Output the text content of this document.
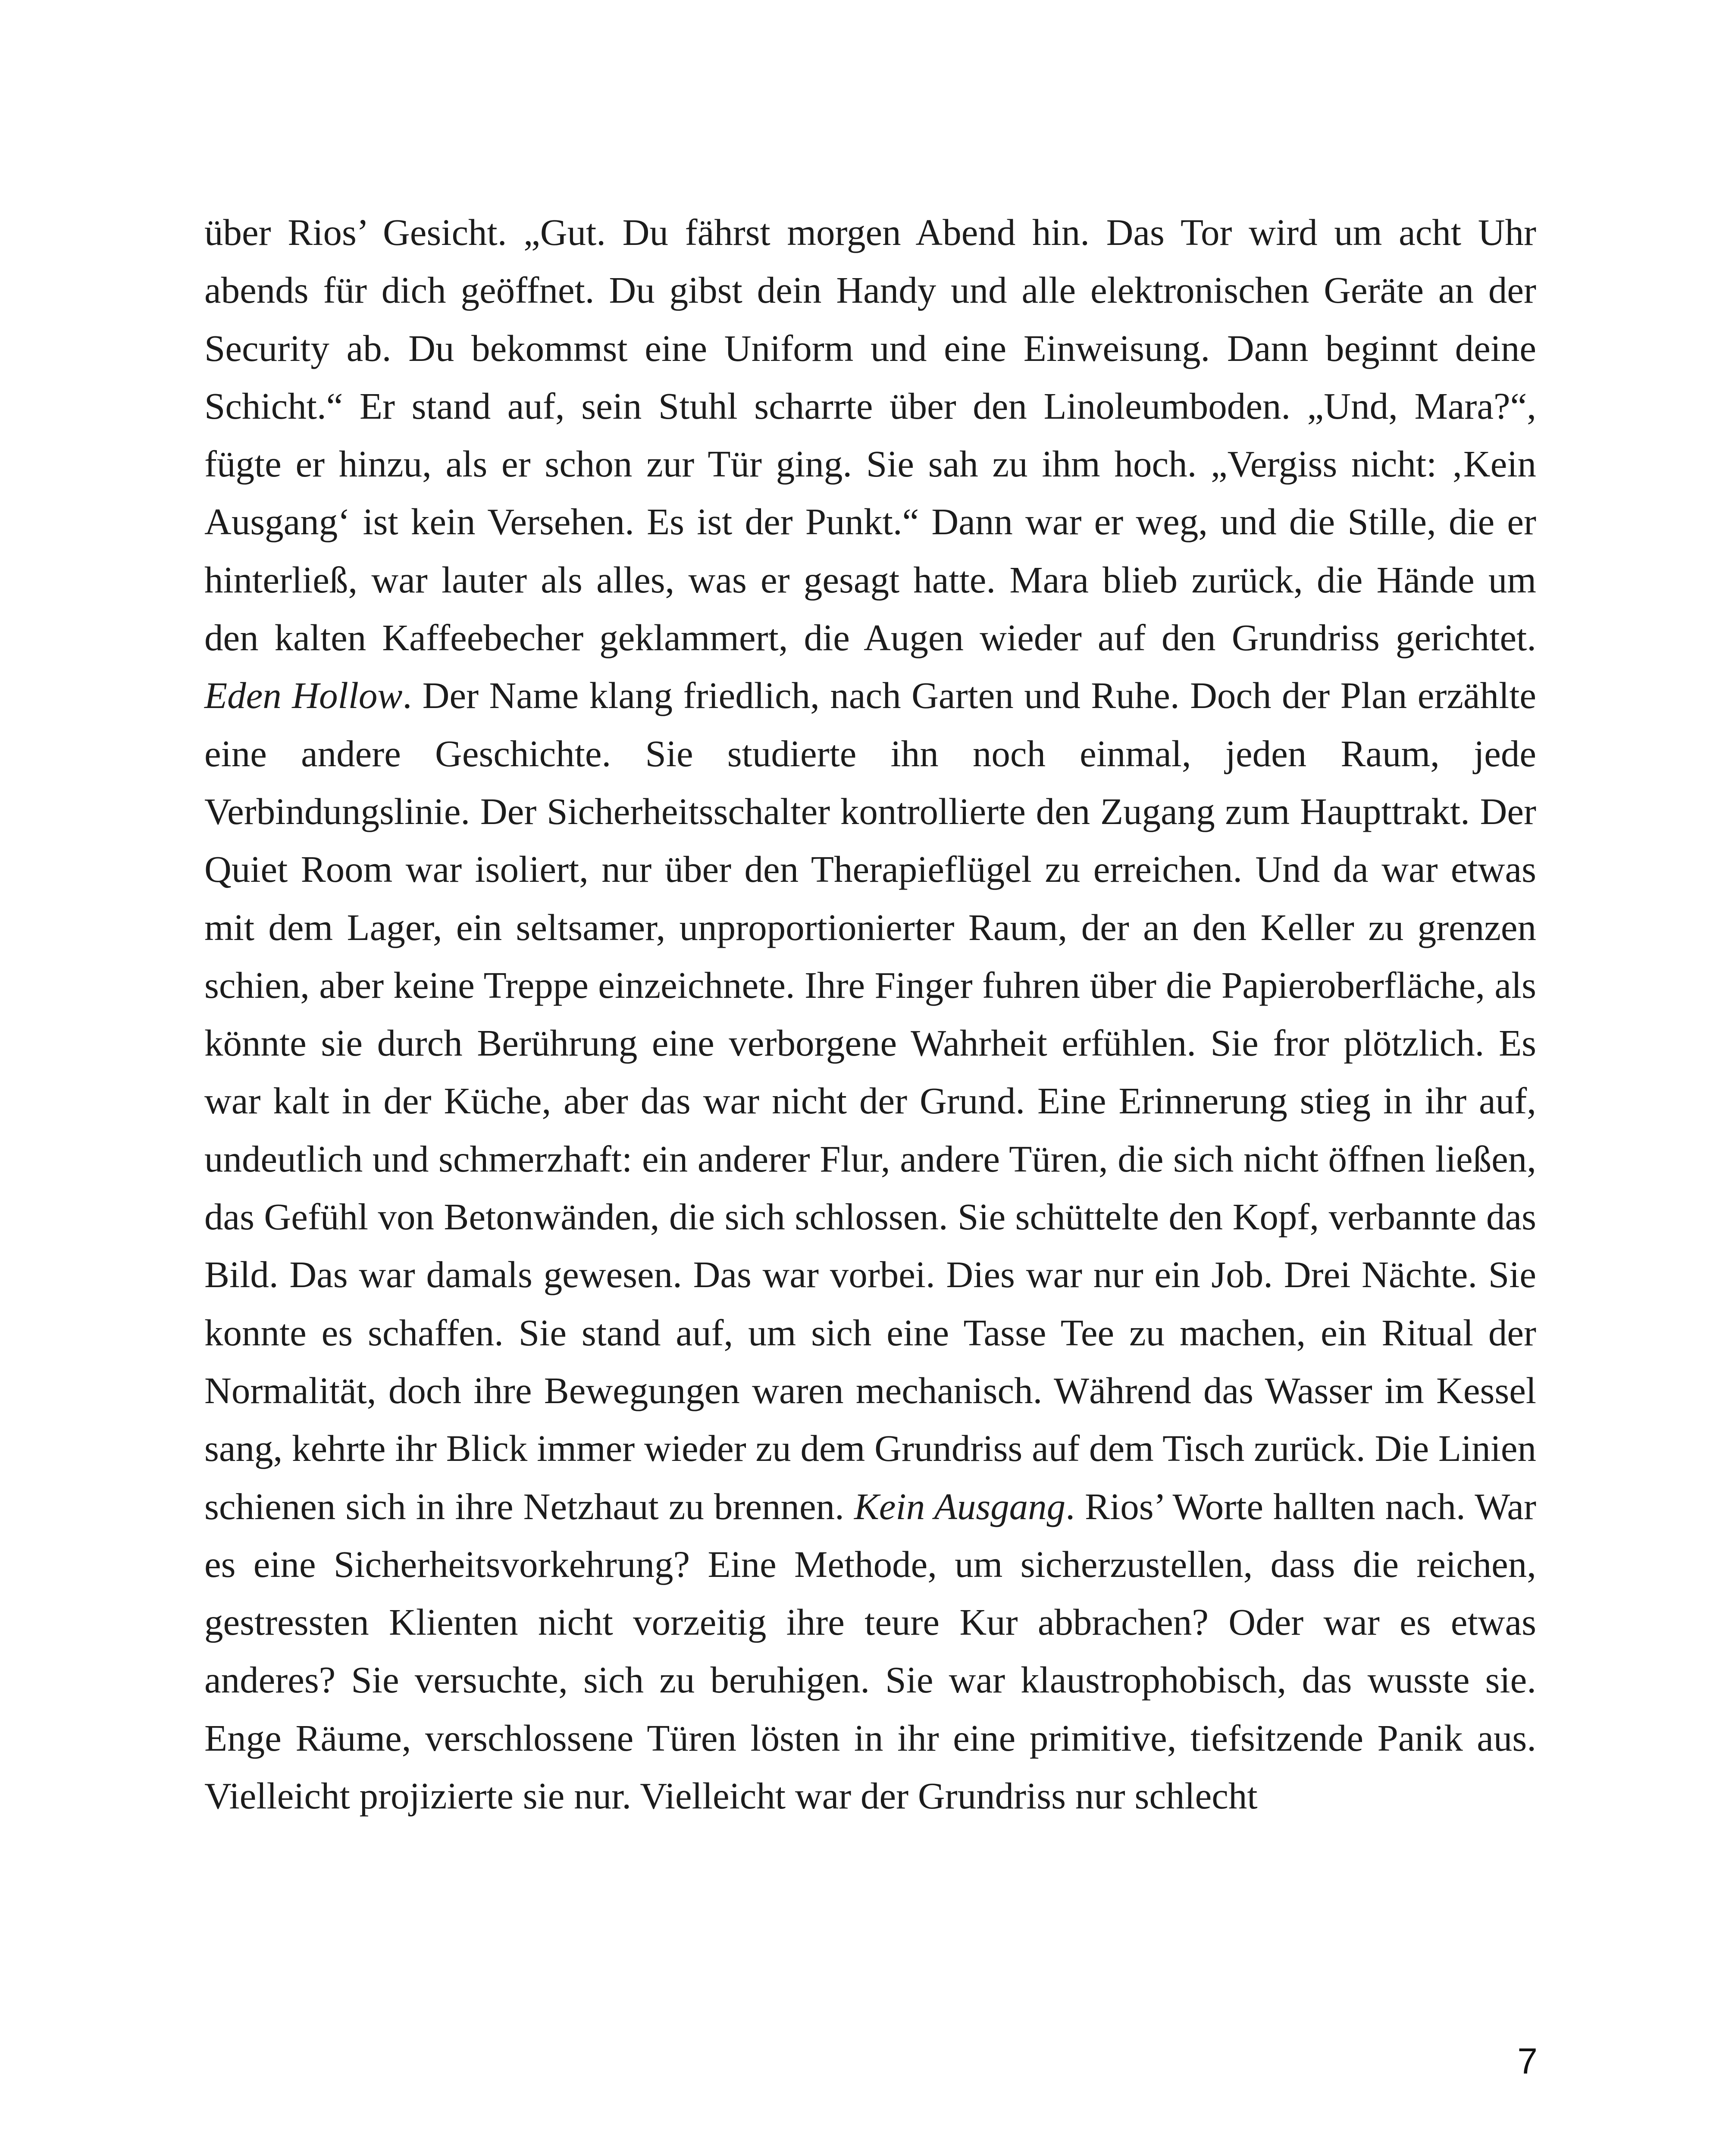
über Rios’ Gesicht. „Gut. Du fährst morgen Abend hin. Das Tor wird um acht Uhr abends für dich geöffnet. Du gibst dein Handy und alle elektronischen Geräte an der Security ab. Du bekommst eine Uniform und eine Einweisung. Dann beginnt deine Schicht.“ Er stand auf, sein Stuhl scharrte über den Linoleumboden. „Und, Mara?“, fügte er hinzu, als er schon zur Tür ging. Sie sah zu ihm hoch. „Vergiss nicht: ‚Kein Ausgang‘ ist kein Versehen. Es ist der Punkt.“ Dann war er weg, und die Stille, die er hinterließ, war lauter als alles, was er gesagt hatte. Mara blieb zurück, die Hände um den kalten Kaffeebecher geklammert, die Augen wieder auf den Grundriss gerichtet. Eden Hollow. Der Name klang friedlich, nach Garten und Ruhe. Doch der Plan erzählte eine andere Geschichte. Sie studierte ihn noch einmal, jeden Raum, jede Verbindungslinie. Der Sicherheitsschalter kontrollierte den Zugang zum Haupttrakt. Der Quiet Room war isoliert, nur über den Therapieflügel zu erreichen. Und da war etwas mit dem Lager, ein seltsamer, unproportionierter Raum, der an den Keller zu grenzen schien, aber keine Treppe einzeichnete. Ihre Finger fuhren über die Papieroberfläche, als könnte sie durch Berührung eine verborgene Wahrheit erfühlen. Sie fror plötzlich. Es war kalt in der Küche, aber das war nicht der Grund. Eine Erinnerung stieg in ihr auf, undeutlich und schmerzhaft: ein anderer Flur, andere Türen, die sich nicht öffnen ließen, das Gefühl von Betonwänden, die sich schlossen. Sie schüttelte den Kopf, verbannte das Bild. Das war damals gewesen. Das war vorbei. Dies war nur ein Job. Drei Nächte. Sie konnte es schaffen. Sie stand auf, um sich eine Tasse Tee zu machen, ein Ritual der Normalität, doch ihre Bewegungen waren mechanisch. Während das Wasser im Kessel sang, kehrte ihr Blick immer wieder zu dem Grundriss auf dem Tisch zurück. Die Linien schienen sich in ihre Netzhaut zu brennen. Kein Ausgang. Rios’ Worte hallten nach. War es eine Sicherheitsvorkehrung? Eine Methode, um sicherzustellen, dass die reichen, gestressten Klienten nicht vorzeitig ihre teure Kur abbrachen? Oder war es etwas anderes? Sie versuchte, sich zu beruhigen. Sie war klaustrophobisch, das wusste sie. Enge Räume, verschlossene Türen lösten in ihr eine primitive, tiefsitzende Panik aus. Vielleicht projizierte sie nur. Vielleicht war der Grundriss nur schlecht

7
